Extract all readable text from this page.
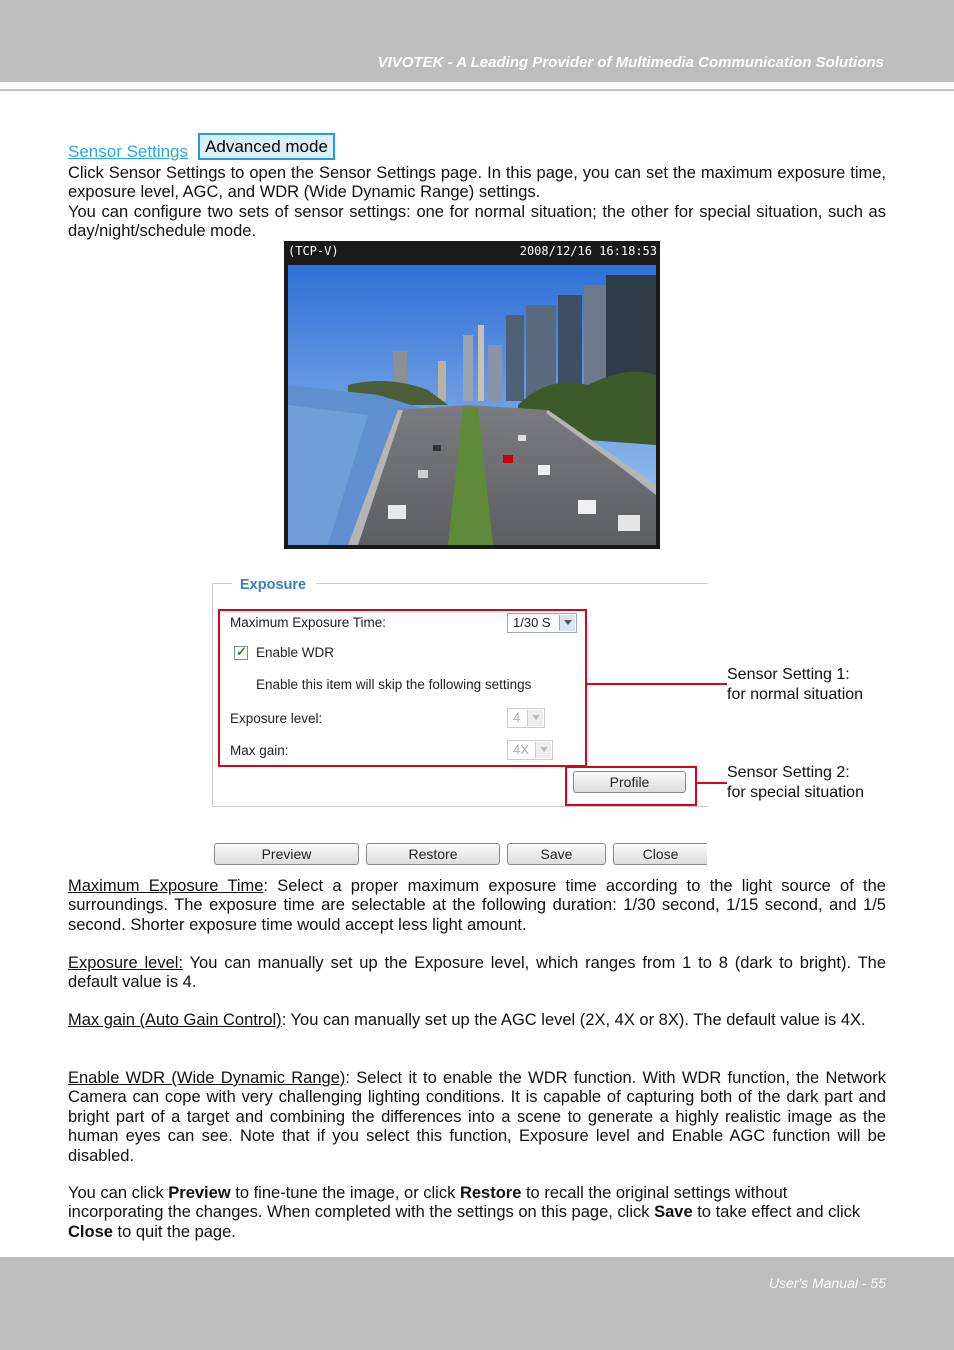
VIVOTEK - A Leading Provider of Multimedia Communication Solutions
Sensor Settings	Advanced mode
Click Sensor Settings to open the Sensor Settings page. In this page, you can set the maximum exposure time, exposure level, AGC, and WDR (Wide Dynamic Range) settings.
You can configure two sets of sensor settings: one for normal situation; the other for special situation, such as day/night/schedule mode.
(TCP-V)	2008/12/16 16:18:53
Exposure
Maximum Exposure Time:	1/30 S
✓ Enable WDR
Enable this item will skip the following settings
Exposure level:	4
Max gain:	4X
Profile
Sensor Setting 1:
for normal situation
Sensor Setting 2:
for special situation
Preview	Restore	Save	Close
Maximum Exposure Time: Select a proper maximum exposure time according to the light source of the surroundings. The exposure time are selectable at the following duration: 1/30 second, 1/15 second, and 1/5 second. Shorter exposure time would accept less light amount.
Exposure level: You can manually set up the Exposure level, which ranges from 1 to 8 (dark to bright). The default value is 4.
Max gain (Auto Gain Control): You can manually set up the AGC level (2X, 4X or 8X). The default value is 4X.
Enable WDR (Wide Dynamic Range): Select it to enable the WDR function. With WDR function, the Network Camera can cope with very challenging lighting conditions. It is capable of capturing both of the dark part and bright part of a target and combining the differences into a scene to generate a highly realistic image as the human eyes can see. Note that if you select this function, Exposure level and Enable AGC function will be disabled.
You can click Preview to fine-tune the image, or click Restore to recall the original settings without incorporating the changes. When completed with the settings on this page, click Save to take effect and click Close to quit the page.
User's Manual - 55
